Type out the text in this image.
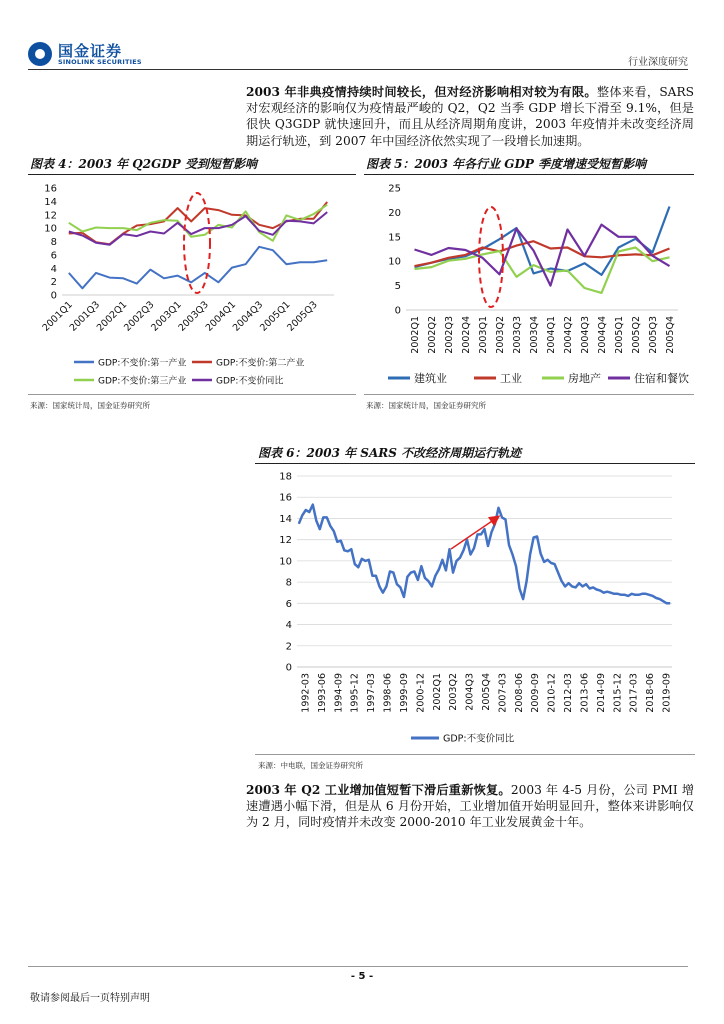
国金证券
SINOLINK SECURITIES	行业深度研究
2003 年非典疫情持续时间较长，但对经济影响相对较为有限。整体来看，SARS 对宏观经济的影响仅为疫情最严峻的 Q2，Q2 当季 GDP 增长下滑至 9.1%，但是很快 Q3GDP 就快速回升，而且从经济周期角度讲，2003 年疫情并未改变经济周期运行轨迹，到 2007 年中国经济依然实现了一段增长加速期。
图表 4：2003 年 Q2GDP 受到短暂影响
0
2
4
6
8
10
12
14
16
2001Q1
2001Q3
2002Q1
2002Q3
2003Q1
2003Q3
2004Q1
2004Q3
2005Q1
2005Q3
GDP:不变价:第一产业	GDP:不变价:第二产业
GDP:不变价:第三产业	GDP:不变价同比
来源：国家统计局，国金证券研究所
图表 5：2003 年各行业 GDP 季度增速受短暂影响
0
5
10
15
20
25
2002Q1 2002Q2 2002Q3 2002Q4 2003Q1 2003Q2 2003Q3 2003Q4 2004Q1 2004Q2 2004Q3 2004Q4 2005Q1 2005Q2 2005Q3 2005Q4
建筑业	工业	房地产	住宿和餐饮
来源：国家统计局，国金证券研究所
图表 6：2003 年 SARS 不改经济周期运行轨迹
0
2
4
6
8
10
12
14
16
18
1992-03 1993-06 1994-09 1995-12 1997-03 1998-06 1999-09 2000-12 2002Q1 2003Q2 2004Q3 2005Q4 2007-03 2008-06 2009-09 2010-12 2012-03 2013-06 2014-09 2015-12 2017-03 2018-06 2019-09
GDP:不变价同比
来源：中电联，国金证券研究所
2003 年 Q2 工业增加值短暂下滑后重新恢复。2003 年 4-5 月份，公司 PMI 增速遭遇小幅下滑，但是从 6 月份开始，工业增加值开始明显回升，整体来讲影响仅为 2 月，同时疫情并未改变 2000-2010 年工业发展黄金十年。
- 5 -
敬请参阅最后一页特别声明
